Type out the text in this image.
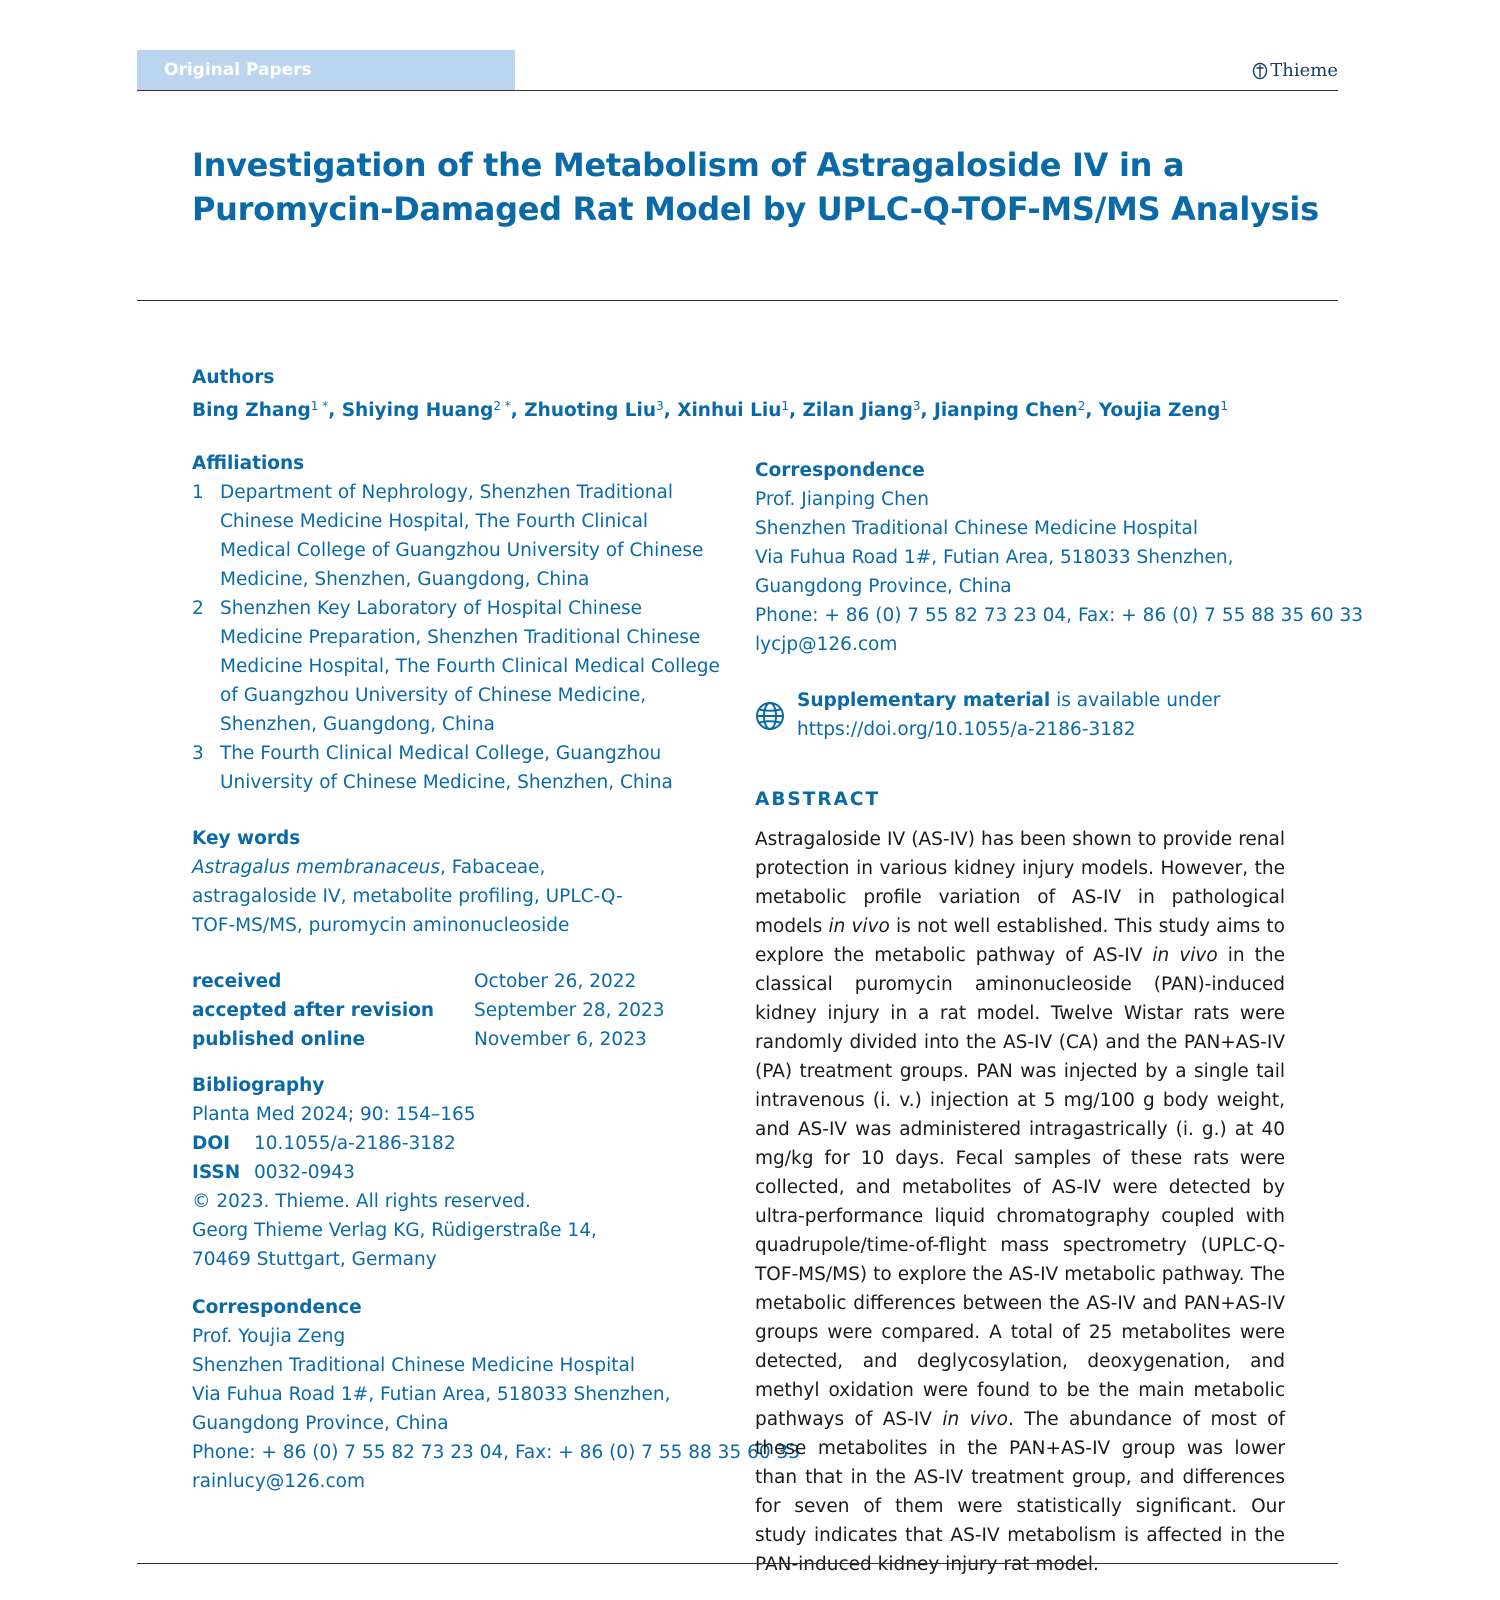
Original Papers	Thieme
Investigation of the Metabolism of Astragaloside IV in a Puromycin-Damaged Rat Model by UPLC-Q-TOF-MS/MS Analysis
Authors
Bing Zhang$^{1 *}$, Shiying Huang$^{2 *}$, Zhuoting Liu$^3$, Xinhui Liu$^1$, Zilan Jiang$^3$, Jianping Chen$^2$, Youjia Zeng$^1$
Affiliations
1 Department of Nephrology, Shenzhen Traditional Chinese Medicine Hospital, The Fourth Clinical Medical College of Guangzhou University of Chinese Medicine, Shenzhen, Guangdong, China
2 Shenzhen Key Laboratory of Hospital Chinese Medicine Preparation, Shenzhen Traditional Chinese Medicine Hospital, The Fourth Clinical Medical College of Guangzhou University of Chinese Medicine, Shenzhen, Guangdong, China
3 The Fourth Clinical Medical College, Guangzhou University of Chinese Medicine, Shenzhen, China
Key words
Astragalus membranaceus, Fabaceae, astragaloside IV, metabolite profiling, UPLC-Q-TOF-MS/MS, puromycin aminonucleoside
received	October 26, 2022
accepted after revision	September 28, 2023
published online	November 6, 2023
Bibliography
Planta Med 2024; 90: 154–165
DOI 10.1055/a-2186-3182
ISSN 0032-0943
© 2023. Thieme. All rights reserved.
Georg Thieme Verlag KG, Rüdigerstraße 14,
70469 Stuttgart, Germany
Correspondence
Prof. Youjia Zeng
Shenzhen Traditional Chinese Medicine Hospital
Via Fuhua Road 1#, Futian Area, 518033 Shenzhen,
Guangdong Province, China
Phone: + 86 (0) 7 55 82 73 23 04, Fax: + 86 (0) 7 55 88 35 60 33
rainlucy@126.com
Correspondence
Prof. Jianping Chen
Shenzhen Traditional Chinese Medicine Hospital
Via Fuhua Road 1#, Futian Area, 518033 Shenzhen,
Guangdong Province, China
Phone: + 86 (0) 7 55 82 73 23 04, Fax: + 86 (0) 7 55 88 35 60 33
lycjp@126.com
Supplementary material is available under
https://doi.org/10.1055/a-2186-3182
ABSTRACT
Astragaloside IV (AS-IV) has been shown to provide renal protection in various kidney injury models. However, the metabolic profile variation of AS-IV in pathological models in vivo is not well established. This study aims to explore the metabolic pathway of AS-IV in vivo in the classical puromycin aminonucleoside (PAN)-induced kidney injury in a rat model. Twelve Wistar rats were randomly divided into the AS-IV (CA) and the PAN+AS-IV (PA) treatment groups. PAN was injected by a single tail intravenous (i. v.) injection at 5 mg/100 g body weight, and AS-IV was administered intragastrically (i. g.) at 40 mg/kg for 10 days. Fecal samples of these rats were collected, and metabolites of AS-IV were detected by ultra-performance liquid chromatography coupled with quadrupole/time-of-flight mass spectrometry (UPLC-Q-TOF-MS/MS) to explore the AS-IV metabolic pathway. The metabolic differences between the AS-IV and PAN+AS-IV groups were compared. A total of 25 metabolites were detected, and deglycosylation, deoxygenation, and methyl oxidation were found to be the main metabolic pathways of AS-IV in vivo. The abundance of most of these metabolites in the PAN+AS-IV group was lower than that in the AS-IV treatment group, and differences for seven of them were statistically significant. Our study indicates that AS-IV metabolism is affected in the PAN-induced kidney injury rat model.
